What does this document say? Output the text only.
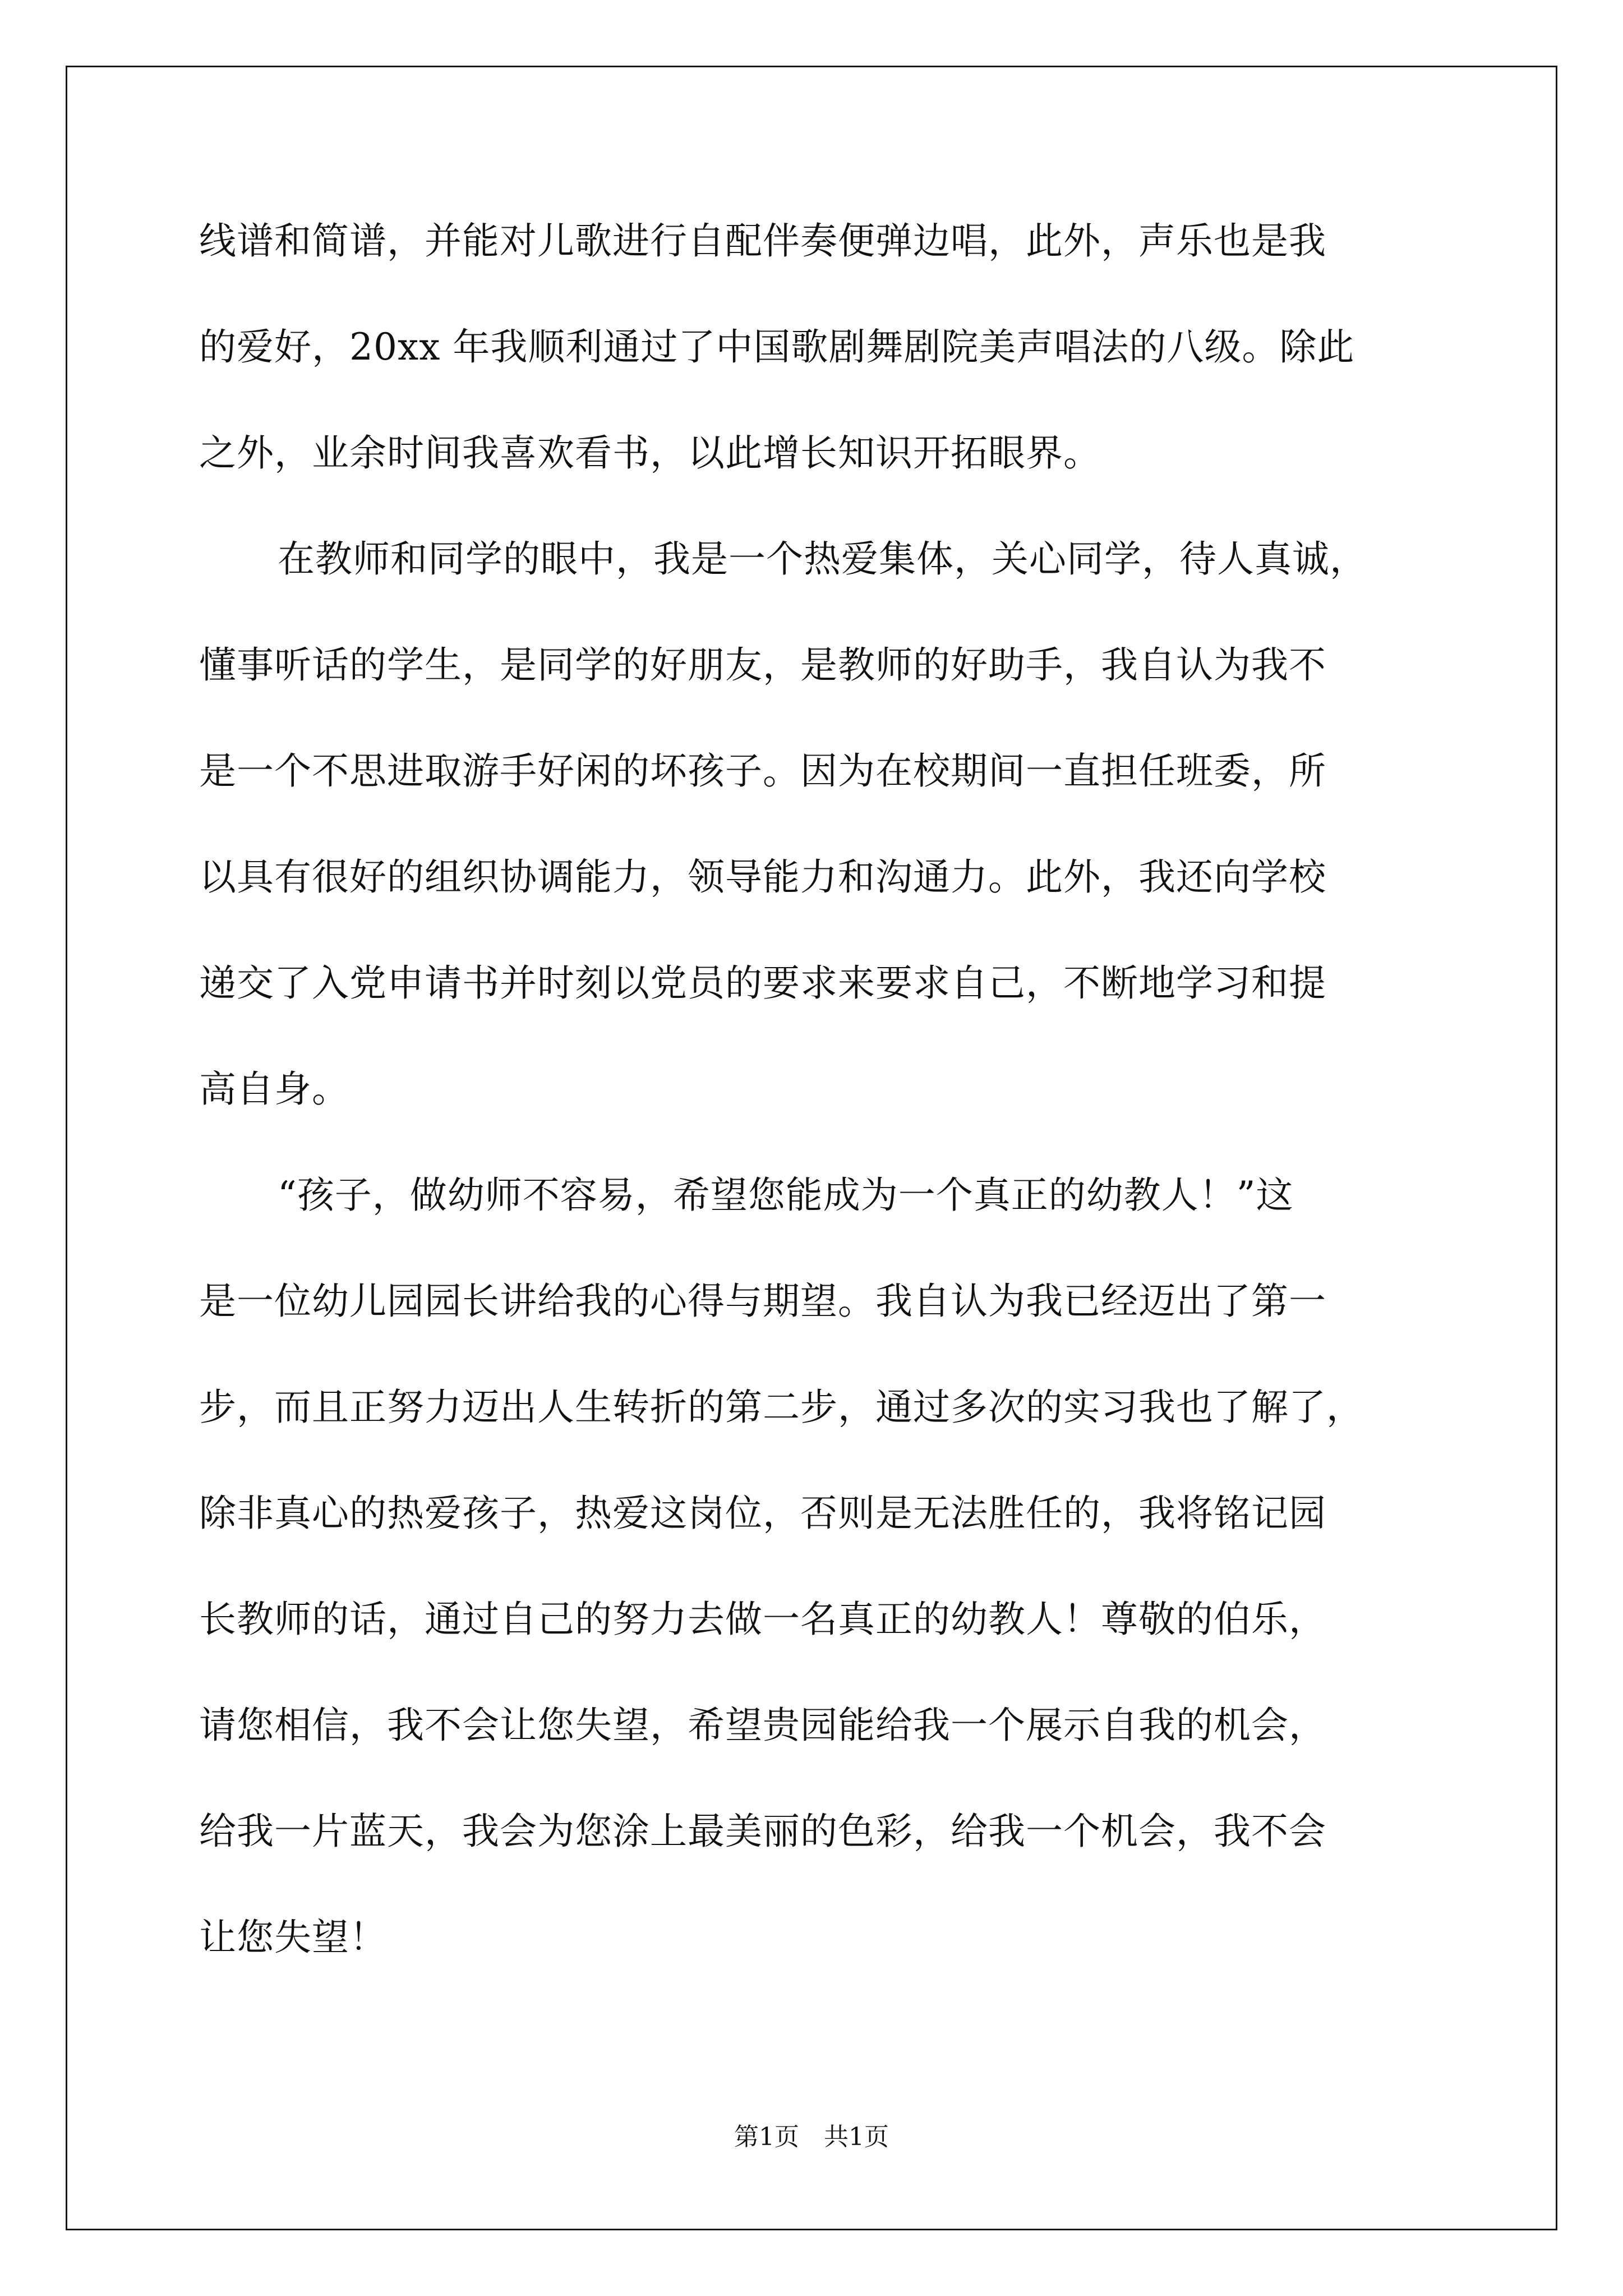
线谱和简谱，并能对儿歌进行自配伴奏便弹边唱，此外，声乐也是我
的爱好，20xx 年我顺利通过了中国歌剧舞剧院美声唱法的八级。除此
之外，业余时间我喜欢看书，以此增长知识开拓眼界。
在教师和同学的眼中，我是一个热爱集体，关心同学，待人真诚，
懂事听话的学生，是同学的好朋友，是教师的好助手，我自认为我不
是一个不思进取游手好闲的坏孩子。因为在校期间一直担任班委，所
以具有很好的组织协调能力，领导能力和沟通力。此外，我还向学校
递交了入党申请书并时刻以党员的要求来要求自己，不断地学习和提
高自身。
“孩子，做幼师不容易，希望您能成为一个真正的幼教人！”这
是一位幼儿园园长讲给我的心得与期望。我自认为我已经迈出了第一
步，而且正努力迈出人生转折的第二步，通过多次的实习我也了解了，
除非真心的热爱孩子，热爱这岗位，否则是无法胜任的，我将铭记园
长教师的话，通过自己的努力去做一名真正的幼教人！尊敬的伯乐，
请您相信，我不会让您失望，希望贵园能给我一个展示自我的机会，
给我一片蓝天，我会为您涂上最美丽的色彩，给我一个机会，我不会
让您失望！
第1页　共1页
